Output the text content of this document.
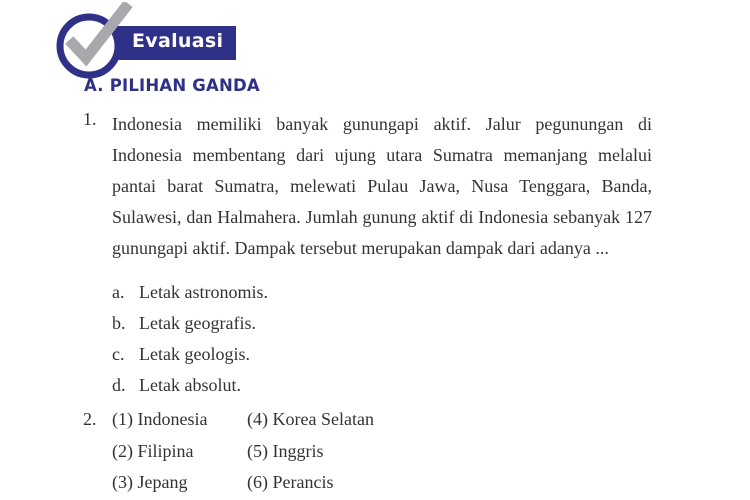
Evaluasi
A. PILIHAN GANDA
1. Indonesia memiliki banyak gunungapi aktif. Jalur pegunungan di Indonesia membentang dari ujung utara Sumatra memanjang melalui pantai barat Sumatra, melewati Pulau Jawa, Nusa Tenggara, Banda, Sulawesi, dan Halmahera. Jumlah gunung aktif di Indonesia sebanyak 127 gunungapi aktif. Dampak tersebut merupakan dampak dari adanya ...
a. Letak astronomis.
b. Letak geografis.
c. Letak geologis.
d. Letak absolut.
2. (1) Indonesia
(2) Filipina
(3) Jepang
(4) Korea Selatan
(5) Inggris
(6) Perancis
